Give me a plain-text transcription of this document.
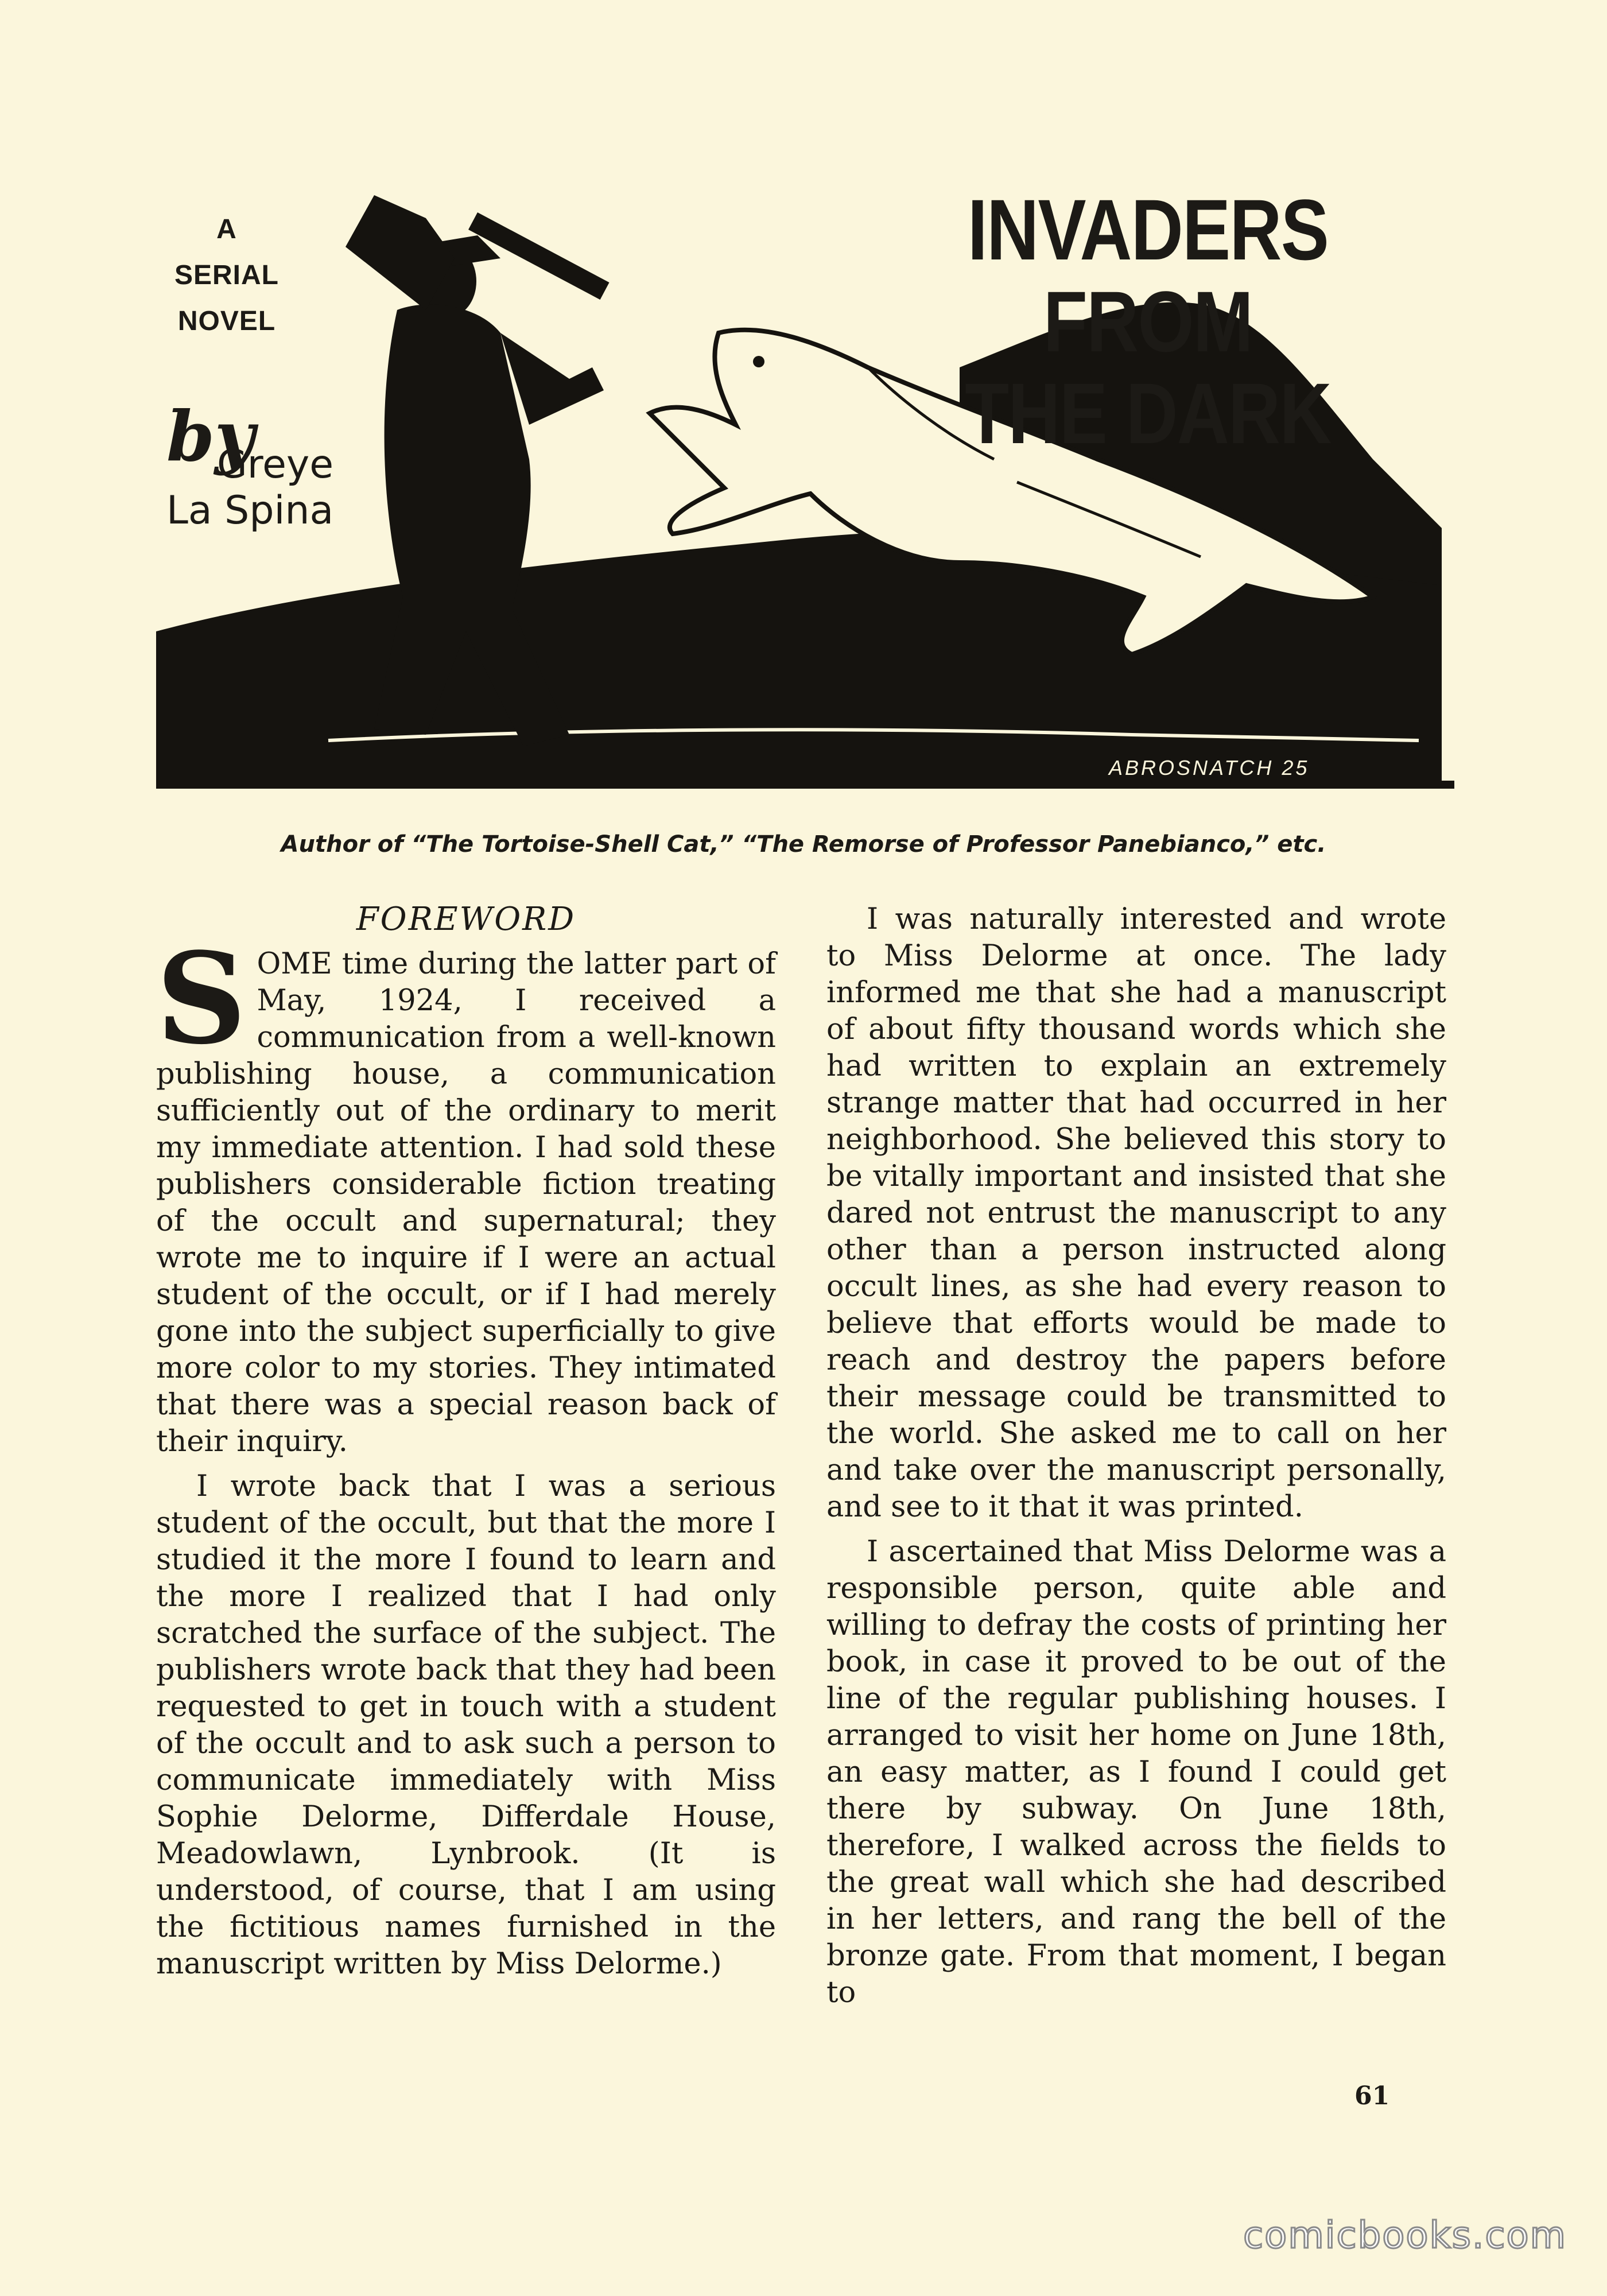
ABROSNATCH 25
A
SERIAL
NOVEL
by
Greye
La Spina
INVADERS FROM
THE DARK
Author of “The Tortoise-Shell Cat,” “The Remorse of Professor Panebianco,” etc.
FOREWORD

SOME time during the latter part of May, 1924, I received a communication from a well-known publishing house, a communication sufficiently out of the ordinary to merit my immediate attention. I had sold these publishers considerable fiction treating of the occult and supernatural; they wrote me to inquire if I were an actual student of the occult, or if I had merely gone into the subject superficially to give more color to my stories. They intimated that there was a special reason back of their inquiry.

I wrote back that I was a serious student of the occult, but that the more I studied it the more I found to learn and the more I realized that I had only scratched the surface of the subject. The publishers wrote back that they had been requested to get in touch with a student of the occult and to ask such a person to communicate immediately with Miss Sophie Delorme, Differdale House, Meadowlawn, Lynbrook. (It is understood, of course, that I am using the fictitious names furnished in the manuscript written by Miss Delorme.)

I was naturally interested and wrote to Miss Delorme at once. The lady informed me that she had a manuscript of about fifty thousand words which she had written to explain an extremely strange matter that had occurred in her neighborhood. She believed this story to be vitally important and insisted that she dared not entrust the manuscript to any other than a person instructed along occult lines, as she had every reason to believe that efforts would be made to reach and destroy the papers before their message could be transmitted to the world. She asked me to call on her and take over the manuscript personally, and see to it that it was printed.

I ascertained that Miss Delorme was a responsible person, quite able and willing to defray the costs of printing her book, in case it proved to be out of the line of the regular publishing houses. I arranged to visit her home on June 18th, an easy matter, as I found I could get there by subway. On June 18th, therefore, I walked across the fields to the great wall which she had described in her letters, and rang the bell of the bronze gate. From that moment, I began to

61
comicbooks.com
